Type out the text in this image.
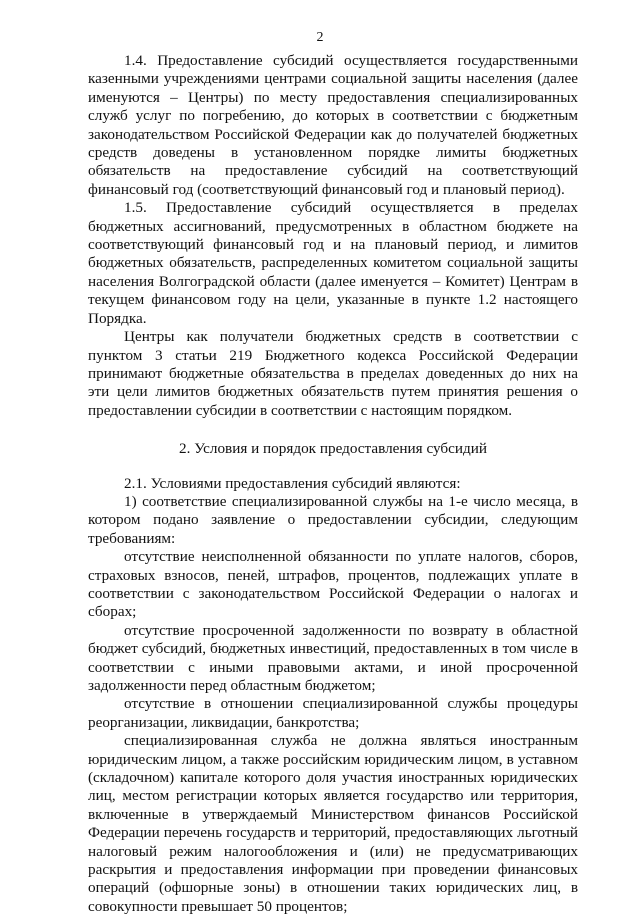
2

1.4. Предоставление субсидий осуществляется государственными казенными учреждениями центрами социальной защиты населения (далее именуются – Центры) по месту предоставления специализированных служб услуг по погребению, до которых в соответствии с бюджетным законодательством Российской Федерации как до получателей бюджетных средств доведены в установленном порядке лимиты бюджетных обязательств на предоставление субсидий на соответствующий финансовый год (соответствующий финансовый год и плановый период).

1.5. Предоставление субсидий осуществляется в пределах бюджетных ассигнований, предусмотренных в областном бюджете на соответствующий финансовый год и на плановый период, и лимитов бюджетных обязательств, распределенных комитетом социальной защиты населения Волгоградской области (далее именуется – Комитет) Центрам в текущем финансовом году на цели, указанные в пункте 1.2 настоящего Порядка.

Центры как получатели бюджетных средств в соответствии с пунктом 3 статьи 219 Бюджетного кодекса Российской Федерации принимают бюджетные обязательства в пределах доведенных до них на эти цели лимитов бюджетных обязательств путем принятия решения о предоставлении субсидии в соответствии с настоящим порядком.

2. Условия и порядок предоставления субсидий

2.1. Условиями предоставления субсидий являются:

1) соответствие специализированной службы на 1-е число месяца, в котором подано заявление о предоставлении субсидии, следующим требованиям:

отсутствие неисполненной обязанности по уплате налогов, сборов, страховых взносов, пеней, штрафов, процентов, подлежащих уплате в соответствии с законодательством Российской Федерации о налогах и сборах;

отсутствие просроченной задолженности по возврату в областной бюджет субсидий, бюджетных инвестиций, предоставленных в том числе в соответствии с иными правовыми актами, и иной просроченной задолженности перед областным бюджетом;

отсутствие в отношении специализированной службы процедуры реорганизации, ликвидации, банкротства;

специализированная служба не должна являться иностранным юридическим лицом, а также российским юридическим лицом, в уставном (складочном) капитале которого доля участия иностранных юридических лиц, местом регистрации которых является государство или территория, включенные в утверждаемый Министерством финансов Российской Федерации перечень государств и территорий, предоставляющих льготный налоговый режим налогообложения и (или) не предусматривающих раскрытия и предоставления информации при проведении финансовых операций (офшорные зоны) в отношении таких юридических лиц, в совокупности превышает 50 процентов;
